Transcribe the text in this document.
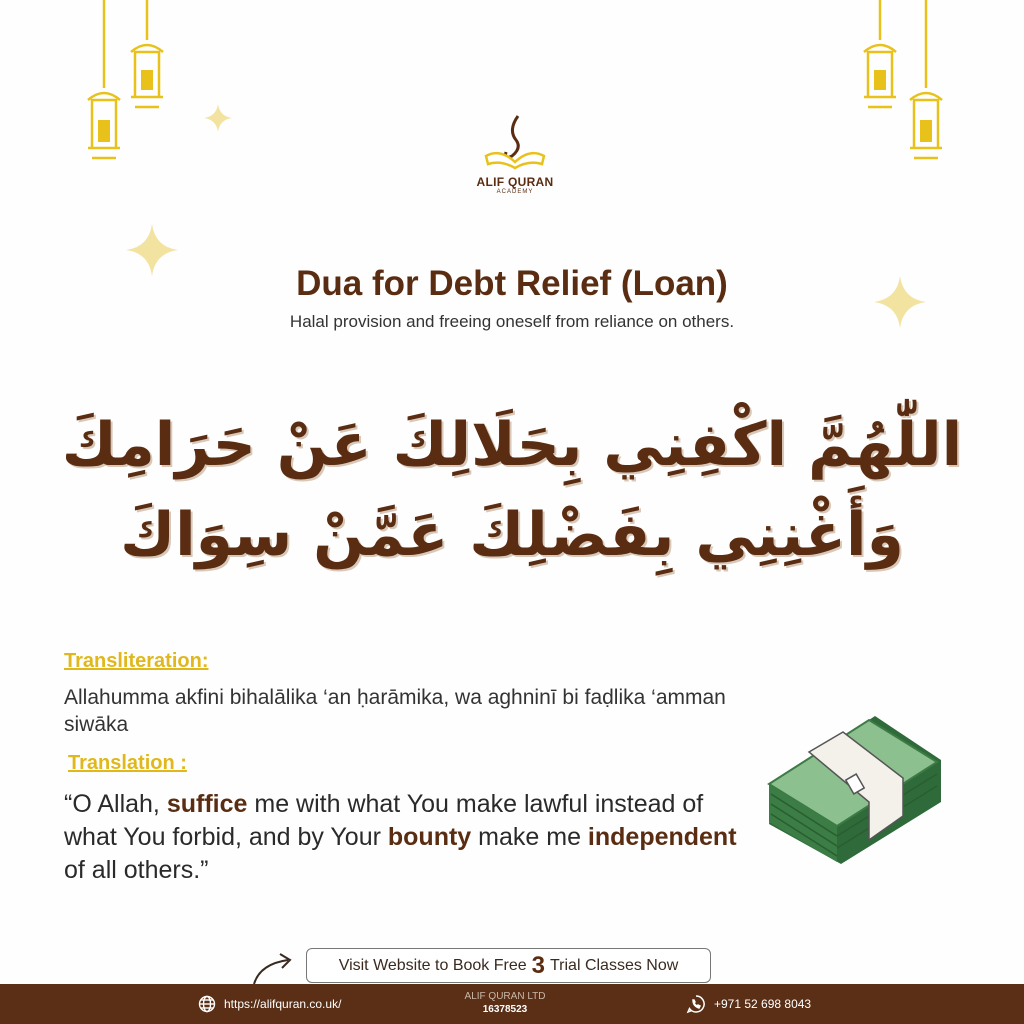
ALIF QURAN
ACADEMY
Dua for Debt Relief (Loan)
Halal provision and freeing oneself from reliance on others.
اللّٰهُمَّ اكْفِنِي بِحَلَالِكَ عَنْ حَرَامِكَ
وَأَغْنِنِي بِفَضْلِكَ عَمَّنْ سِوَاكَ
Transliteration:
Allahumma akfini bihalālika ‘an ḥarāmika, wa aghninī bi faḍlika ‘amman siwāka
Translation :
“O Allah, suffice me with what You make lawful instead of what You forbid, and by Your bounty make me independent of all others.”
Visit Website to Book Free 3 Trial Classes Now
https://alifquran.co.uk/
ALIF QURAN LTD
16378523	+971 52 698 8043
